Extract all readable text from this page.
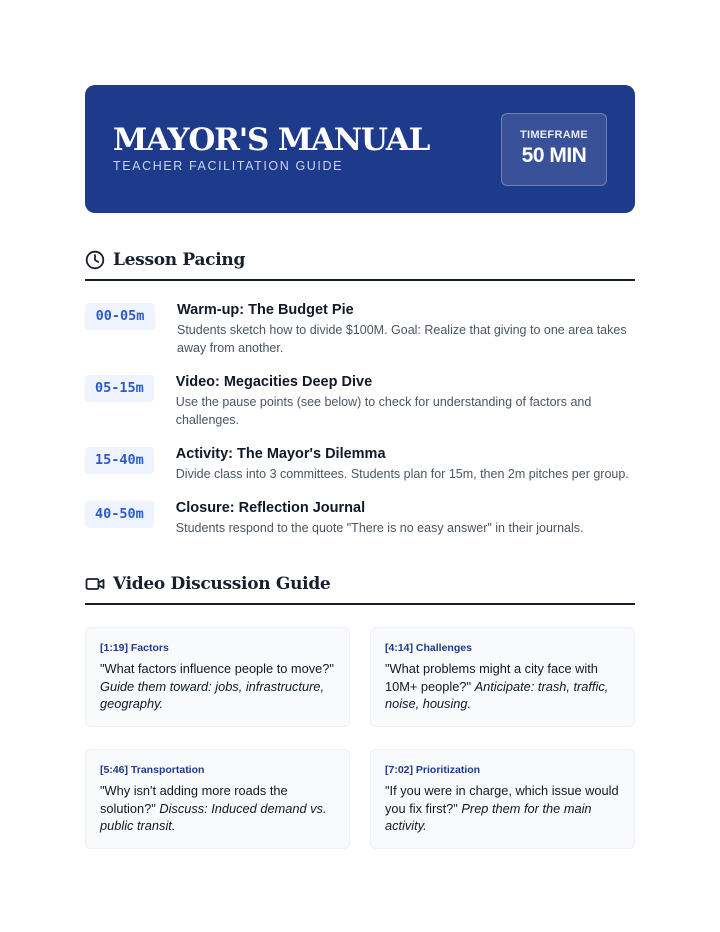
MAYOR'S MANUAL
TEACHER FACILITATION GUIDE
TIMEFRAME
50 MIN
Lesson Pacing
00-05m	Warm-up: The Budget Pie
Students sketch how to divide $100M. Goal: Realize that giving to one area takes away from another.
05-15m	Video: Megacities Deep Dive
Use the pause points (see below) to check for understanding of factors and challenges.
15-40m	Activity: The Mayor's Dilemma
Divide class into 3 committees. Students plan for 15m, then 2m pitches per group.
40-50m	Closure: Reflection Journal
Students respond to the quote "There is no easy answer" in their journals.
Video Discussion Guide
[1:19] Factors
"What factors influence people to move?" Guide them toward: jobs, infrastructure, geography.
[4:14] Challenges
"What problems might a city face with 10M+ people?" Anticipate: trash, traffic, noise, housing.
[5:46] Transportation
"Why isn't adding more roads the solution?" Discuss: Induced demand vs. public transit.
[7:02] Prioritization
"If you were in charge, which issue would you fix first?" Prep them for the main activity.
